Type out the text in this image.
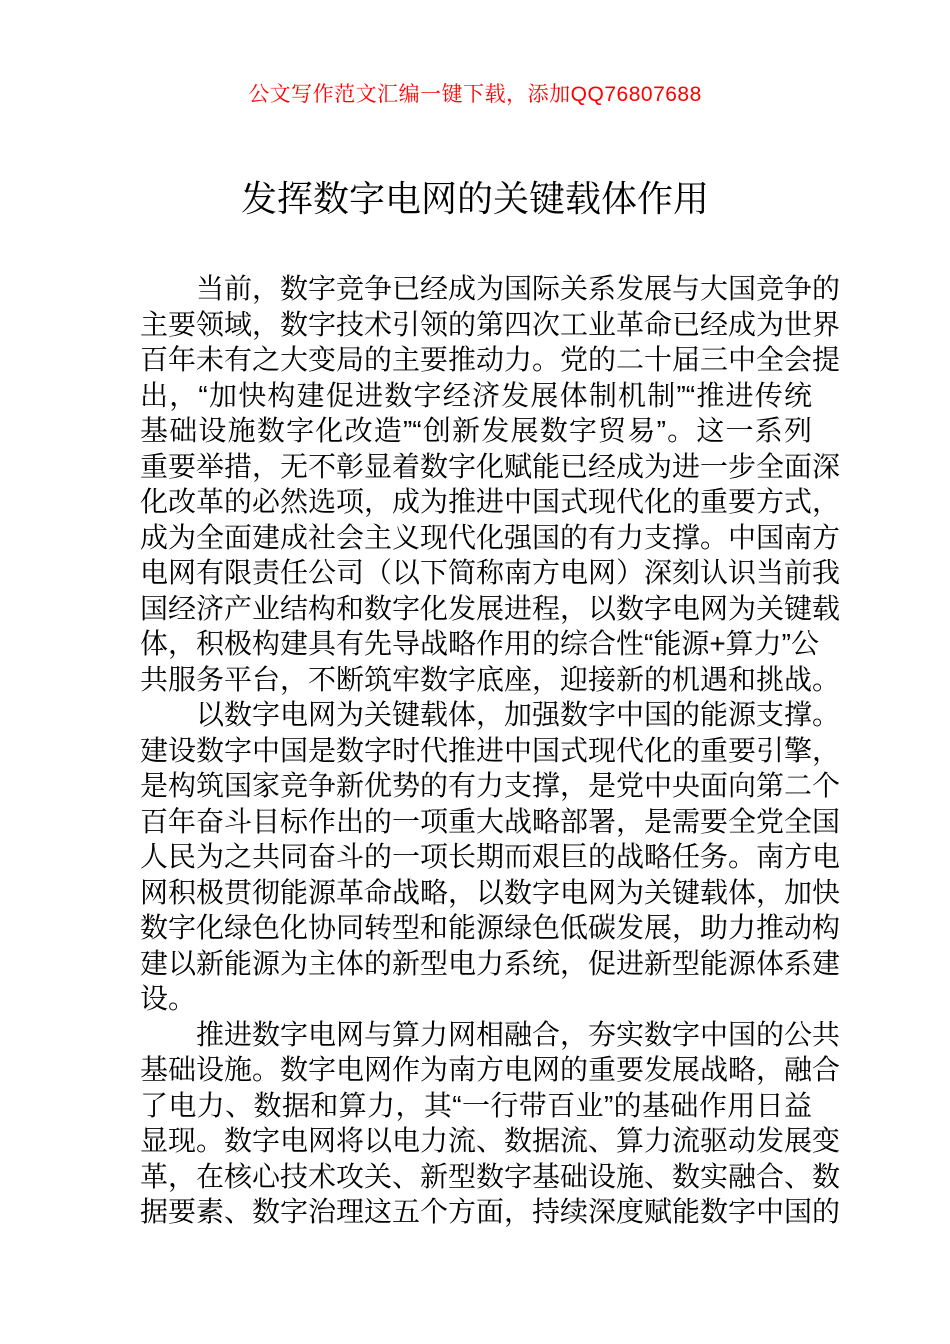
公文写作范文汇编一键下载，添加QQ76807688
发挥数字电网的关键载体作用
当前，数字竞争已经成为国际关系发展与大国竞争的
主要领域，数字技术引领的第四次工业革命已经成为世界
百年未有之大变局的主要推动力。党的二十届三中全会提
出，“加快构建促进数字经济发展体制机制”“推进传统
基础设施数字化改造”“创新发展数字贸易”。这一系列
重要举措，无不彰显着数字化赋能已经成为进一步全面深
化改革的必然选项，成为推进中国式现代化的重要方式，
成为全面建成社会主义现代化强国的有力支撑。中国南方
电网有限责任公司（以下简称南方电网）深刻认识当前我
国经济产业结构和数字化发展进程，以数字电网为关键载
体，积极构建具有先导战略作用的综合性“能源+算力”公
共服务平台，不断筑牢数字底座，迎接新的机遇和挑战。
以数字电网为关键载体，加强数字中国的能源支撑。
建设数字中国是数字时代推进中国式现代化的重要引擎，
是构筑国家竞争新优势的有力支撑，是党中央面向第二个
百年奋斗目标作出的一项重大战略部署，是需要全党全国
人民为之共同奋斗的一项长期而艰巨的战略任务。南方电
网积极贯彻能源革命战略，以数字电网为关键载体，加快
数字化绿色化协同转型和能源绿色低碳发展，助力推动构
建以新能源为主体的新型电力系统，促进新型能源体系建
设。
推进数字电网与算力网相融合，夯实数字中国的公共
基础设施。数字电网作为南方电网的重要发展战略，融合
了电力、数据和算力，其“一行带百业”的基础作用日益
显现。数字电网将以电力流、数据流、算力流驱动发展变
革，在核心技术攻关、新型数字基础设施、数实融合、数
据要素、数字治理这五个方面，持续深度赋能数字中国的
